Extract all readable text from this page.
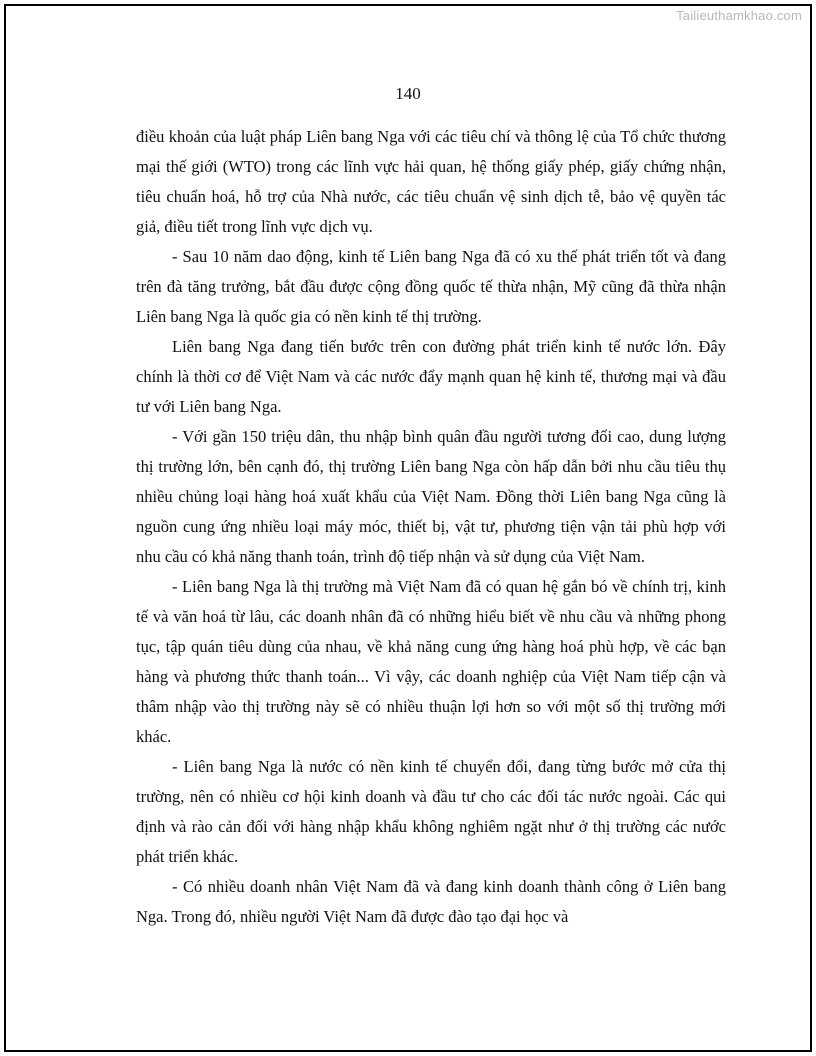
Tailieuthamkhao.com
140

điều khoản của luật pháp Liên bang Nga với các tiêu chí và thông lệ của Tổ chức thương mại thế giới (WTO) trong các lĩnh vực hải quan, hệ thống giấy phép, giấy chứng nhận, tiêu chuẩn hoá, hỗ trợ của Nhà nước, các tiêu chuẩn vệ sinh dịch tễ, bảo vệ quyền tác giả, điều tiết trong lĩnh vực dịch vụ.

- Sau 10 năm dao động, kinh tế Liên bang Nga đã có xu thế phát triển tốt và đang trên đà tăng trưởng, bắt đầu được cộng đồng quốc tế thừa nhận, Mỹ cũng đã thừa nhận Liên bang Nga là quốc gia có nền kinh tế thị trường.

Liên bang Nga đang tiến bước trên con đường phát triển kinh tế nước lớn. Đây chính là thời cơ để Việt Nam và các nước đẩy mạnh quan hệ kinh tế, thương mại và đầu tư với Liên bang Nga.

- Với gần 150 triệu dân, thu nhập bình quân đầu người tương đối cao, dung lượng thị trường lớn, bên cạnh đó, thị trường Liên bang Nga còn hấp dẫn bởi nhu cầu tiêu thụ nhiều chủng loại hàng hoá xuất khẩu của Việt Nam. Đồng thời Liên bang Nga cũng là nguồn cung ứng nhiều loại máy móc, thiết bị, vật tư, phương tiện vận tải phù hợp với nhu cầu có khả năng thanh toán, trình độ tiếp nhận và sử dụng của Việt Nam.

- Liên bang Nga là thị trường mà Việt Nam đã có quan hệ gắn bó về chính trị, kinh tế và văn hoá từ lâu, các doanh nhân đã có những hiểu biết về nhu cầu và những phong tục, tập quán tiêu dùng của nhau, về khả năng cung ứng hàng hoá phù hợp, về các bạn hàng và phương thức thanh toán... Vì vậy, các doanh nghiệp của Việt Nam tiếp cận và thâm nhập vào thị trường này sẽ có nhiều thuận lợi hơn so với một số thị trường mới khác.

- Liên bang Nga là nước có nền kinh tế chuyển đổi, đang từng bước mở cửa thị trường, nên có nhiều cơ hội kinh doanh và đầu tư cho các đối tác nước ngoài. Các qui định và rào cản đối với hàng nhập khẩu không nghiêm ngặt như ở thị trường các nước phát triển khác.

- Có nhiều doanh nhân Việt Nam đã và đang kinh doanh thành công ở Liên bang Nga. Trong đó, nhiều người Việt Nam đã được đào tạo đại học và
